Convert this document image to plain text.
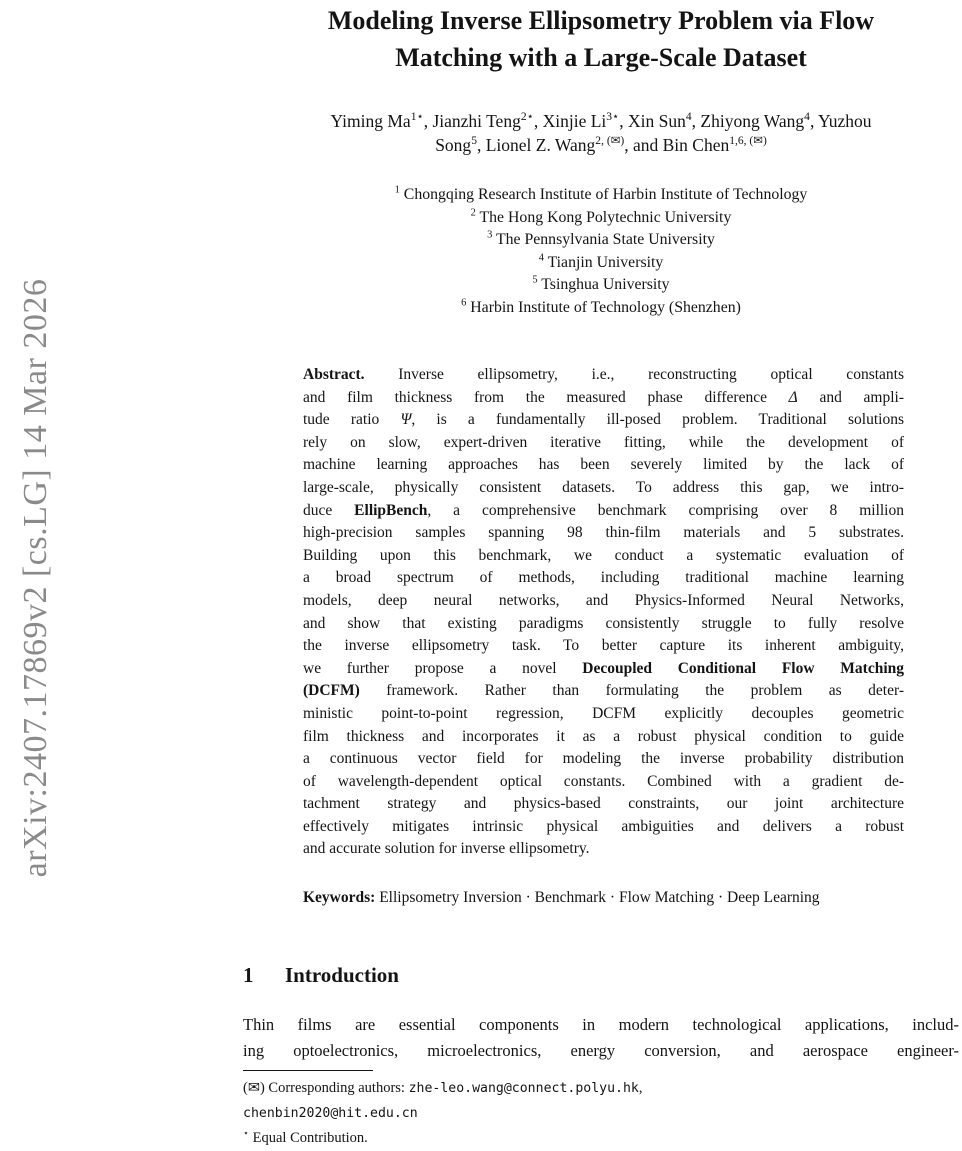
arXiv:2407.17869v2 [cs.LG] 14 Mar 2026
Modeling Inverse Ellipsometry Problem via Flow
Matching with a Large-Scale Dataset
Yiming $Ma^{1⋆}$, Jianzhi Teng$^{2⋆}$, Xinjie $Li^{3⋆}$, Xin Sun$^4$, Zhiyong Wang$^4$, Yuzhou
Song$^5$, Lionel Z. Wang$^{2, (✉)}$, and Bin Chen$^{1,6, (✉)}$
$^1$ Chongqing Research Institute of Harbin Institute of Technology
$^2$ The Hong Kong Polytechnic University
$^3$ The Pennsylvania State University
$^4$ Tianjin University
$^5$ Tsinghua University
$^6$ Harbin Institute of Technology (Shenzhen)
Abstract. Inverse ellipsometry, i.e., reconstructing optical constants
and film thickness from the measured phase difference Δ and ampli-
tude ratio Ψ, is a fundamentally ill-posed problem. Traditional solutions
rely on slow, expert-driven iterative fitting, while the development of
machine learning approaches has been severely limited by the lack of
large-scale, physically consistent datasets. To address this gap, we intro-
duce EllipBench, a comprehensive benchmark comprising over 8 million
high-precision samples spanning 98 thin-film materials and 5 substrates.
Building upon this benchmark, we conduct a systematic evaluation of
a broad spectrum of methods, including traditional machine learning
models, deep neural networks, and Physics-Informed Neural Networks,
and show that existing paradigms consistently struggle to fully resolve
the inverse ellipsometry task. To better capture its inherent ambiguity,
we further propose a novel Decoupled Conditional Flow Matching
(DCFM) framework. Rather than formulating the problem as deter-
ministic point-to-point regression, DCFM explicitly decouples geometric
film thickness and incorporates it as a robust physical condition to guide
a continuous vector field for modeling the inverse probability distribution
of wavelength-dependent optical constants. Combined with a gradient de-
tachment strategy and physics-based constraints, our joint architecture
effectively mitigates intrinsic physical ambiguities and delivers a robust
and accurate solution for inverse ellipsometry.
Keywords: Ellipsometry Inversion · Benchmark · Flow Matching · Deep Learning
1 Introduction
Thin films are essential components in modern technological applications, includ-
ing optoelectronics, microelectronics, energy conversion, and aerospace engineer-
(✉) Corresponding authors: zhe-leo.wang@connect.polyu.hk,
chenbin2020@hit.edu.cn
⋆ Equal Contribution.
